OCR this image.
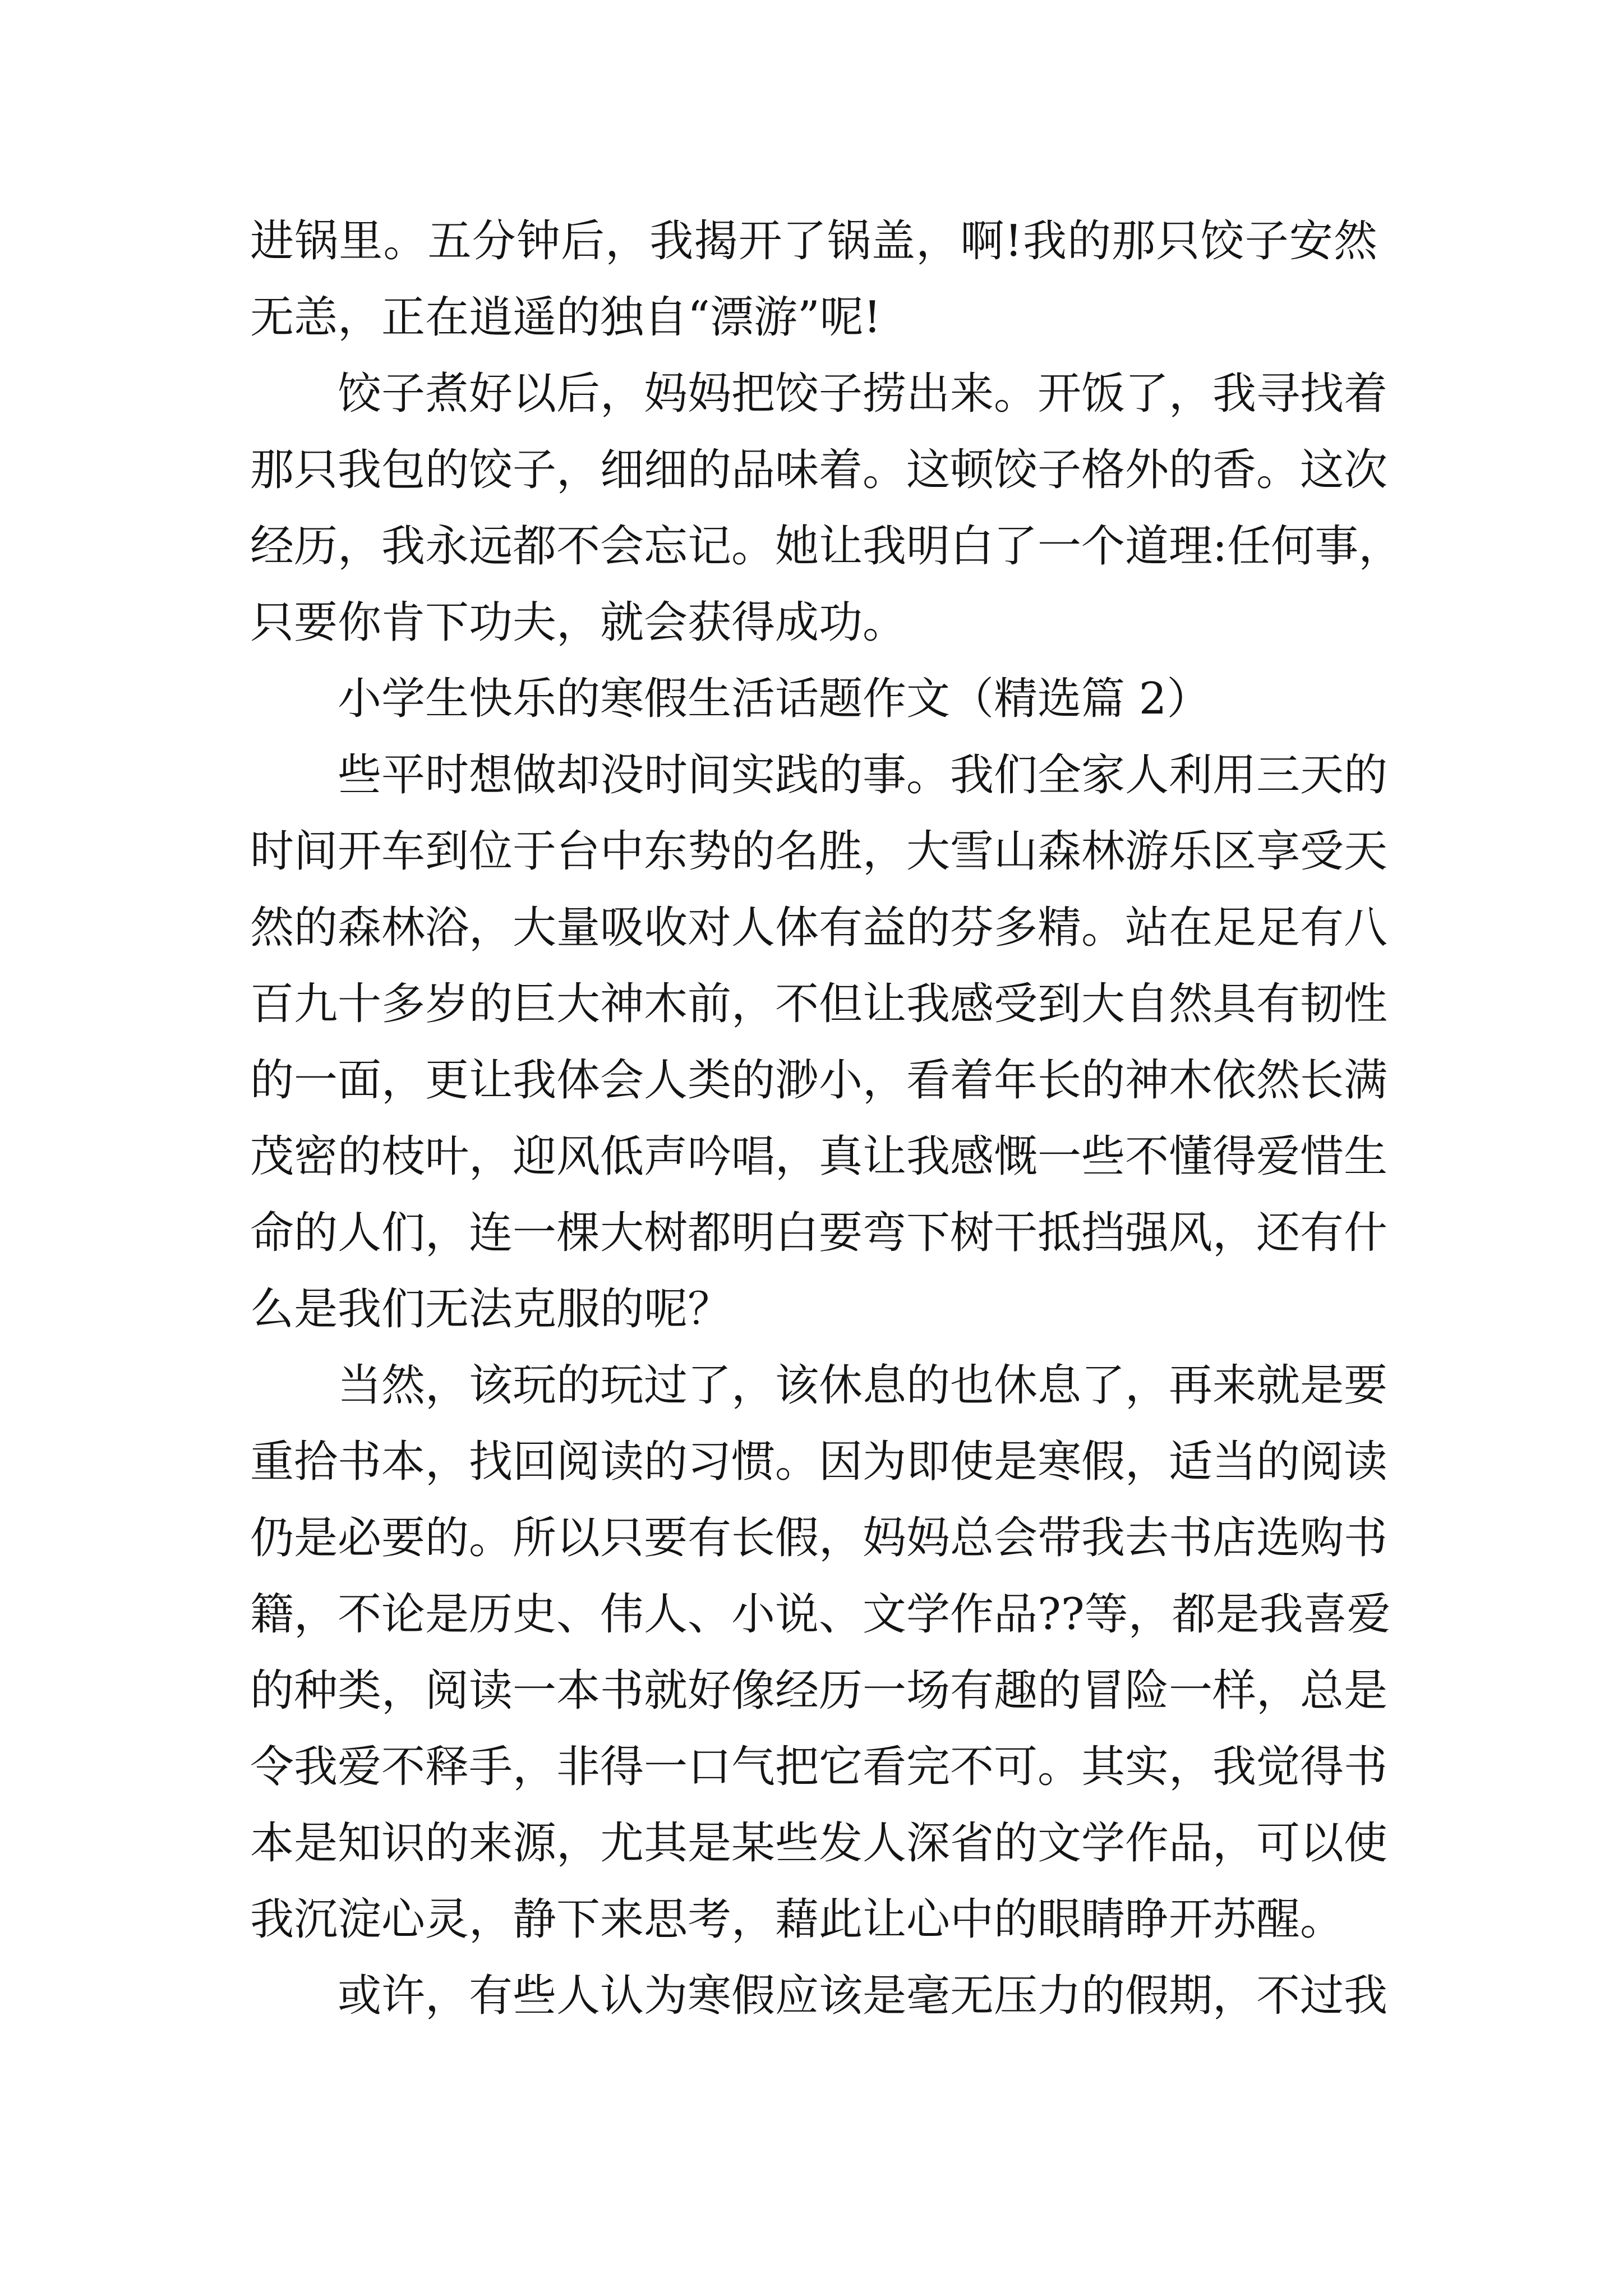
进锅里。五分钟后，我揭开了锅盖，啊!我的那只饺子安然
无恙，正在逍遥的独自“漂游”呢!
饺子煮好以后，妈妈把饺子捞出来。开饭了，我寻找着
那只我包的饺子，细细的品味着。这顿饺子格外的香。这次
经历，我永远都不会忘记。她让我明白了一个道理:任何事，
只要你肯下功夫，就会获得成功。
小学生快乐的寒假生活话题作文（精选篇 2）
些平时想做却没时间实践的事。我们全家人利用三天的
时间开车到位于台中东势的名胜，大雪山森林游乐区享受天
然的森林浴，大量吸收对人体有益的芬多精。站在足足有八
百九十多岁的巨大神木前，不但让我感受到大自然具有韧性
的一面，更让我体会人类的渺小，看着年长的神木依然长满
茂密的枝叶，迎风低声吟唱，真让我感慨一些不懂得爱惜生
命的人们，连一棵大树都明白要弯下树干抵挡强风，还有什
么是我们无法克服的呢？
当然，该玩的玩过了，该休息的也休息了，再来就是要
重拾书本，找回阅读的习惯。因为即使是寒假，适当的阅读
仍是必要的。所以只要有长假，妈妈总会带我去书店选购书
籍，不论是历史、伟人、小说、文学作品??等，都是我喜爱
的种类，阅读一本书就好像经历一场有趣的冒险一样，总是
令我爱不释手，非得一口气把它看完不可。其实，我觉得书
本是知识的来源，尤其是某些发人深省的文学作品，可以使
我沉淀心灵，静下来思考，藉此让心中的眼睛睁开苏醒。
或许，有些人认为寒假应该是毫无压力的假期，不过我
